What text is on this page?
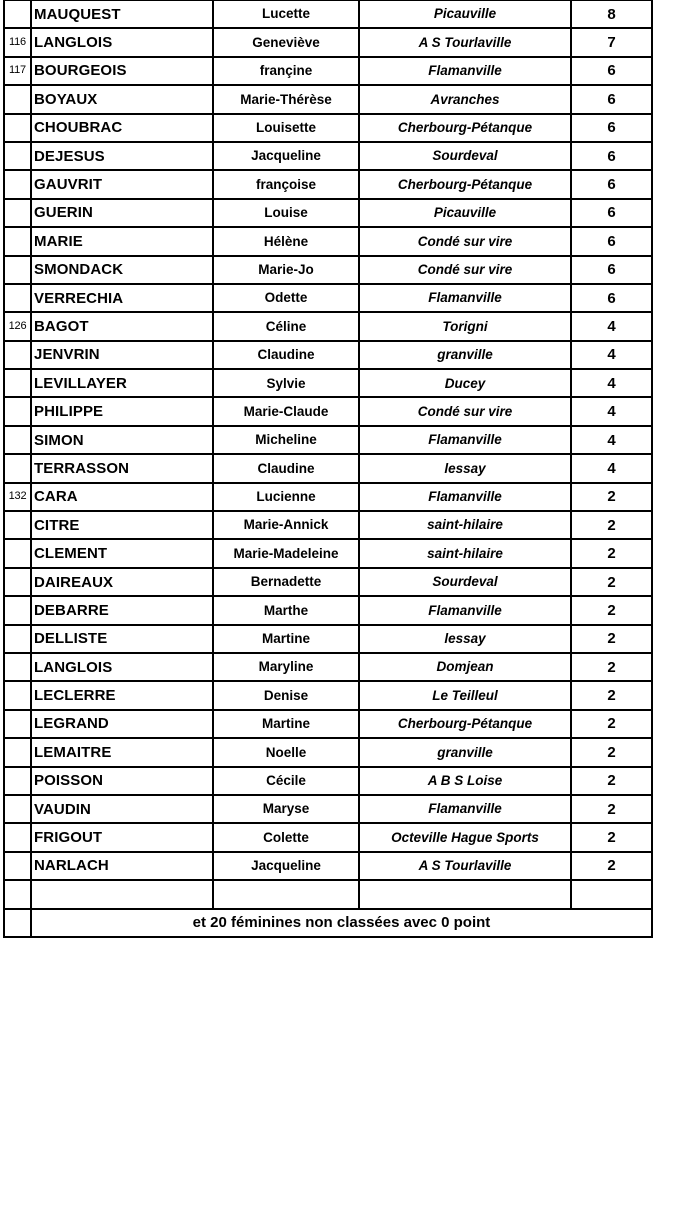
	MAUQUEST	Lucette	Picauville	8
116	LANGLOIS	Geneviève	A S Tourlaville	7
117	BOURGEOIS	françine	Flamanville	6
	BOYAUX	Marie-Thérèse	Avranches	6
	CHOUBRAC	Louisette	Cherbourg-Pétanque	6
	DEJESUS	Jacqueline	Sourdeval	6
	GAUVRIT	françoise	Cherbourg-Pétanque	6
	GUERIN	Louise	Picauville	6
	MARIE	Hélène	Condé sur vire	6
	SMONDACK	Marie-Jo	Condé sur vire	6
	VERRECHIA	Odette	Flamanville	6
126	BAGOT	Céline	Torigni	4
	JENVRIN	Claudine	granville	4
	LEVILLAYER	Sylvie	Ducey	4
	PHILIPPE	Marie-Claude	Condé sur vire	4
	SIMON	Micheline	Flamanville	4
	TERRASSON	Claudine	lessay	4
132	CARA	Lucienne	Flamanville	2
	CITRE	Marie-Annick	saint-hilaire	2
	CLEMENT	Marie-Madeleine	saint-hilaire	2
	DAIREAUX	Bernadette	Sourdeval	2
	DEBARRE	Marthe	Flamanville	2
	DELLISTE	Martine	lessay	2
	LANGLOIS	Maryline	Domjean	2
	LECLERRE	Denise	Le Teilleul	2
	LEGRAND	Martine	Cherbourg-Pétanque	2
	LEMAITRE	Noelle	granville	2
	POISSON	Cécile	A B S Loise	2
	VAUDIN	Maryse	Flamanville	2
	FRIGOUT	Colette	Octeville Hague Sports	2
	NARLACH	Jacqueline	A S Tourlaville	2

	et 20 féminines non classées avec 0 point			
